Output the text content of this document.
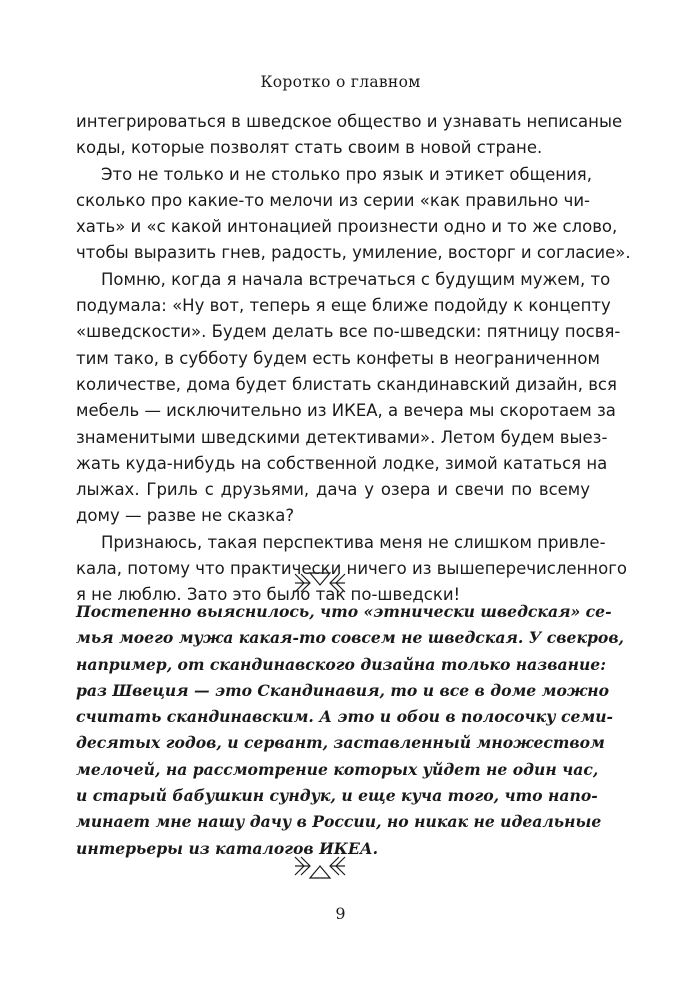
Коротко о главном
интегрироваться в шведское общество и узнавать неписаные
коды, которые позволят стать своим в новой стране.
Это не только и не столько про язык и этикет общения,
сколько про какие-то мелочи из серии «как правильно чи-
хать» и «с какой интонацией произнести одно и то же слово,
чтобы выразить гнев, радость, умиление, восторг и согласие».
Помню, когда я начала встречаться с будущим мужем, то
подумала: «Ну вот, теперь я еще ближе подойду к концепту
«шведскости». Будем делать все по-шведски: пятницу посвя-
тим тако, в субботу будем есть конфеты в неограниченном
количестве, дома будет блистать скандинавский дизайн, вся
мебель — исключительно из ИКЕА, а вечера мы скоротаем за
знаменитыми шведскими детективами». Летом будем выез-
жать куда-нибудь на собственной лодке, зимой кататься на
лыжах. Гриль с друзьями, дача у озера и свечи по всему
дому — разве не сказка?
Признаюсь, такая перспектива меня не слишком привле-
кала, потому что практически ничего из вышеперечисленного
я не люблю. Зато это было так по-шведски!
Постепенно выяснилось, что «этнически шведская» се-
мья моего мужа какая-то совсем не шведская. У свекров,
например, от скандинавского дизайна только название:
раз Швеция — это Скандинавия, то и все в доме можно
считать скандинавским. А это и обои в полосочку семи-
десятых годов, и сервант, заставленный множеством
мелочей, на рассмотрение которых уйдет не один час,
и старый бабушкин сундук, и еще куча того, что напо-
минает мне нашу дачу в России, но никак не идеальные
интерьеры из каталогов ИКЕА.
9
